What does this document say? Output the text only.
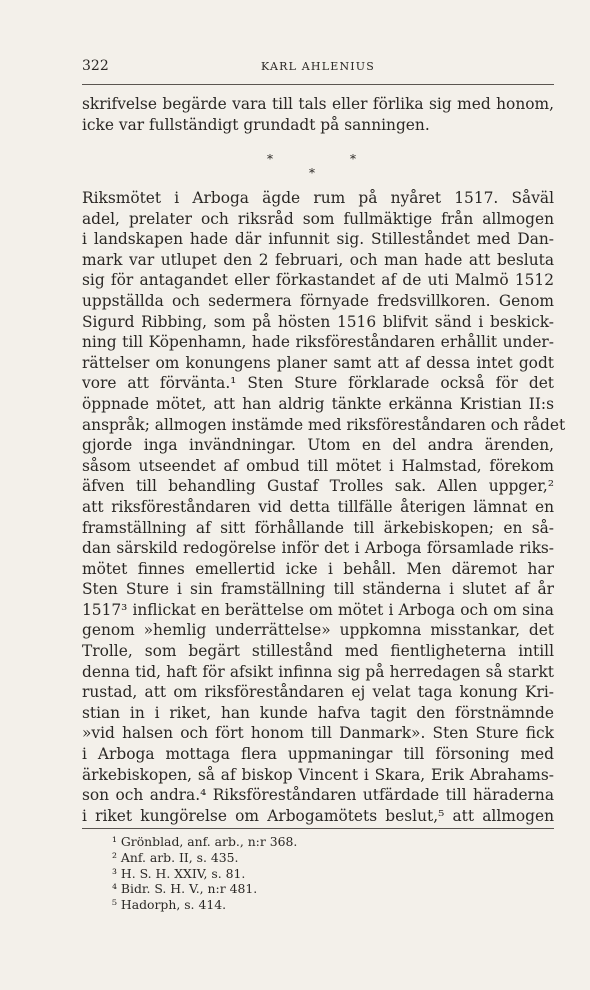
322	KARL AHLENIUS
skrifvelse begärde vara till tals eller förlika sig med honom,
icke var fullständigt grundadt på sanningen.
*	*
*
Riksmötet i Arboga ägde rum på nyåret 1517. Såväl
adel, prelater och riksråd som fullmäktige från allmogen
i landskapen hade där infunnit sig. Stilleståndet med Dan-
mark var utlupet den 2 februari, och man hade att besluta
sig för antagandet eller förkastandet af de uti Malmö 1512
uppställda och sedermera förnyade fredsvillkoren. Genom
Sigurd Ribbing, som på hösten 1516 blifvit sänd i beskick-
ning till Köpenhamn, hade riksföreståndaren erhållit under-
rättelser om konungens planer samt att af dessa intet godt
vore att förvänta.¹ Sten Sture förklarade också för det
öppnade mötet, att han aldrig tänkte erkänna Kristian II:s
anspråk; allmogen instämde med riksföreståndaren och rådet
gjorde inga invändningar. Utom en del andra ärenden,
såsom utseendet af ombud till mötet i Halmstad, förekom
äfven till behandling Gustaf Trolles sak. Allen uppger,²
att riksföreståndaren vid detta tillfälle återigen lämnat en
framställning af sitt förhållande till ärkebiskopen; en så-
dan särskild redogörelse inför det i Arboga församlade riks-
mötet finnes emellertid icke i behåll. Men däremot har
Sten Sture i sin framställning till ständerna i slutet af år
1517³ inflickat en berättelse om mötet i Arboga och om sina
genom »hemlig underrättelse» uppkomna misstankar, det
Trolle, som begärt stillestånd med fientligheterna intill
denna tid, haft för afsikt infinna sig på herredagen så starkt
rustad, att om riksföreståndaren ej velat taga konung Kri-
stian in i riket, han kunde hafva tagit den förstnämnde
»vid halsen och fört honom till Danmark». Sten Sture fick
i Arboga mottaga flera uppmaningar till försoning med
ärkebiskopen, så af biskop Vincent i Skara, Erik Abrahams-
son och andra.⁴ Riksföreståndaren utfärdade till häraderna
i riket kungörelse om Arbogamötets beslut,⁵ att allmogen
¹ Grönblad, anf. arb., n:r 368.
² Anf. arb. II, s. 435.
³ H. S. H. XXIV, s. 81.
⁴ Bidr. S. H. V., n:r 481.
⁵ Hadorph, s. 414.
